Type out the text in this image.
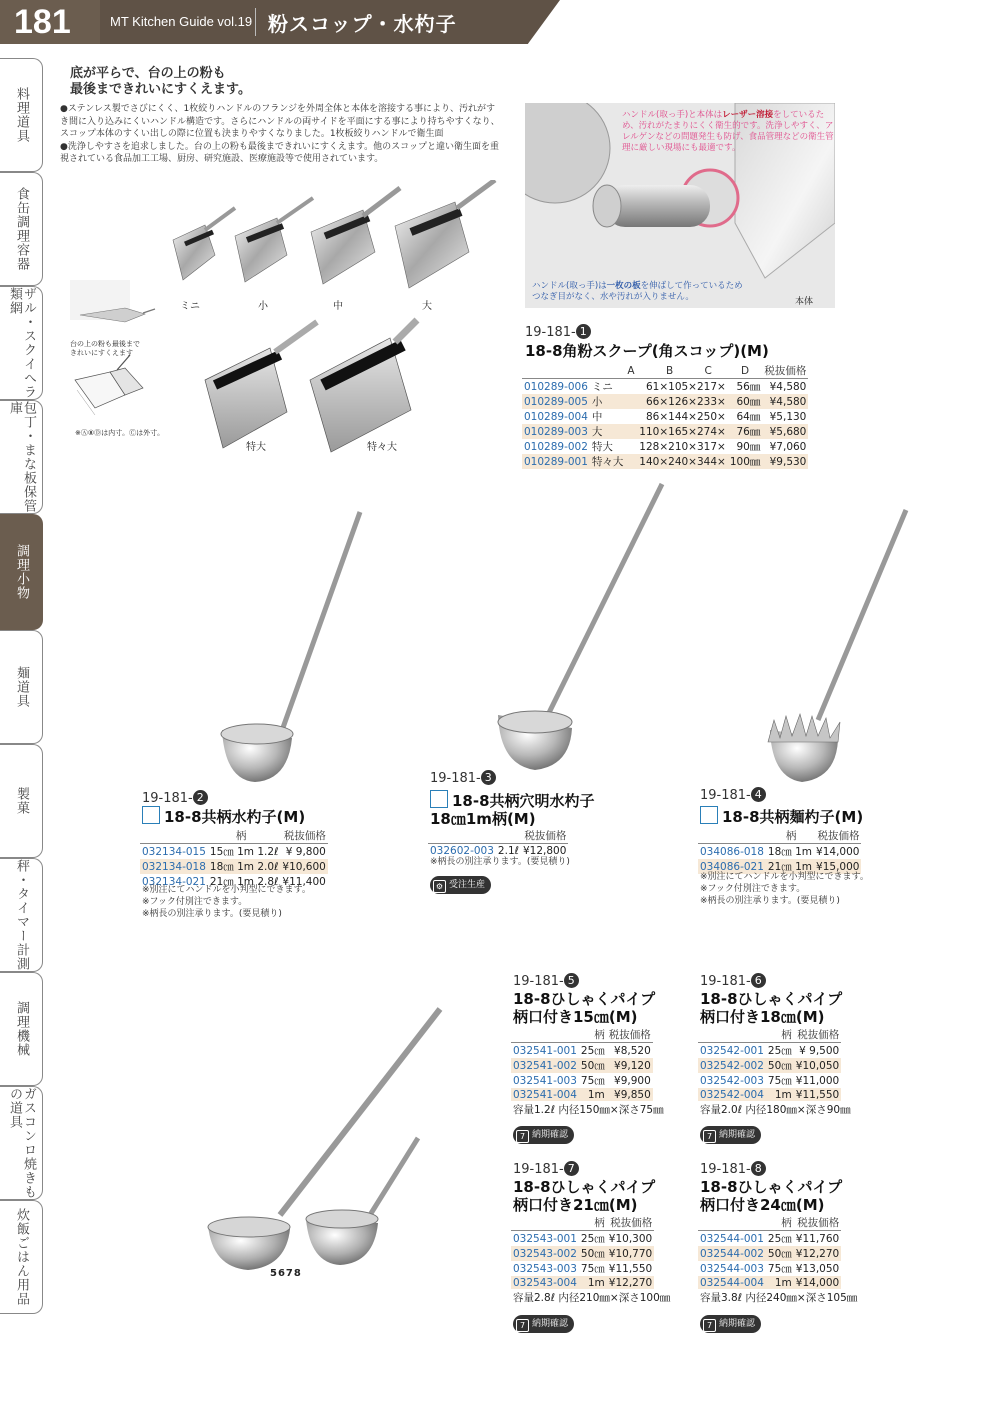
181	MT Kitchen Guide vol.19 粉スコップ・水杓子
料理道具
食缶調理容器
ザル・スクイへラ類網
包丁・まな板保管庫
調理小物
麺道具
製菓
秤・タイマー計測
調理機械
ガスコンロ焼きもの道具
炊飯ごはん用品
底が平らで、台の上の粉も
最後まできれいにすくえます。
●ステンレス製でさびにくく、1枚絞りハンドルのフランジを外周全体と本体を溶接する事により、汚れがすき間に入り込みにくいハンドル構造です。さらにハンドルの両サイドを平面にする事により持ちやすくなり、スコップ本体のすくい出しの際に位置も決まりやすくなりました。1枚板絞りハンドルで衛生面
●洗浄しやすさを追求しました。台の上の粉も最後まできれいにすくえます。他のスコップと違い衛生面を重視されている食品加工工場、厨房、研究施設、医療施設等で使用されています。
台の上の粉も最後まできれいにすくえます
※Ⓐ⑧Ⓓは内寸。Ⓒは外寸。
ミニ	小	中	大
特大	特々大
ハンドル(取っ手)と本体はレーザー溶接をしているため、汚れがたまりにくく衛生的です。洗浄しやすく、アレルゲンなどの問題発生も防げ、食品管理などの衛生管理に厳しい現場にも最適です。
ハンドル(取っ手)は一枚の板を伸ばして作っているためつなぎ目がなく、水や汚れが入りません。	本体
19-181- 1
18-8角粉スクープ(角スコップ)(M)
		A B C	D	税抜価格
010289-006	ミニ	61×105×217×	56㎜	¥4,580
010289-005	小	66×126×233×	60㎜	¥4,580
010289-004	中	86×144×250×	64㎜	¥5,130
010289-003	大	110×165×274×	76㎜	¥5,680
010289-002	特大	128×210×317×	90㎜	¥7,060
010289-001	特々大	140×240×344×	100㎜	¥9,530
19-181- 2
18-8共柄水杓子(M)
	柄	税抜価格
032134-015	15㎝ 1m 1.2ℓ	¥ 9,800
032134-018	18㎝ 1m 2.0ℓ	¥10,600
032134-021	21㎝ 1m 2.8ℓ	¥11,400
※別注にてハンドルを小判型にできます。
※フック付別注できます。
※柄長の別注承ります。(要見積り)
19-181- 3
18-8共柄穴明水杓子
18㎝1m柄(M)
		税抜価格
032602-003	2.1ℓ	¥12,800
※柄長の別注承ります。(要見積り)
⚙ 受注生産
19-181- 4
18-8共柄麺杓子(M)
	柄	税抜価格
034086-018	18㎝ 1m	¥14,000
034086-021	21㎝ 1m	¥15,000
※別注にてハンドルを小判型にできます。
※フック付別注できます。
※柄長の別注承ります。(要見積り)
5678
19-181- 5
18-8ひしゃくパイプ
柄口付き15㎝(M)
	柄	税抜価格
032541-001	25㎝	¥8,520
032541-002	50㎝	¥9,120
032541-003	75㎝	¥9,900
032541-004	1m	¥9,850
容量1.2ℓ 内径150㎜×深さ75㎜
7 納期確認
19-181- 6
18-8ひしゃくパイプ
柄口付き18㎝(M)
	柄	税抜価格
032542-001	25㎝	¥ 9,500
032542-002	50㎝	¥10,050
032542-003	75㎝	¥11,000
032542-004	1m	¥11,550
容量2.0ℓ 内径180㎜×深さ90㎜
7 納期確認
19-181- 7
18-8ひしゃくパイプ
柄口付き21㎝(M)
	柄	税抜価格
032543-001	25㎝	¥10,300
032543-002	50㎝	¥10,770
032543-003	75㎝	¥11,550
032543-004	1m	¥12,270
容量2.8ℓ 内径210㎜×深さ100㎜
7 納期確認
19-181- 8
18-8ひしゃくパイプ
柄口付き24㎝(M)
	柄	税抜価格
032544-001	25㎝	¥11,760
032544-002	50㎝	¥12,270
032544-003	75㎝	¥13,050
032544-004	1m	¥14,000
容量3.8ℓ 内径240㎜×深さ105㎜
7 納期確認
